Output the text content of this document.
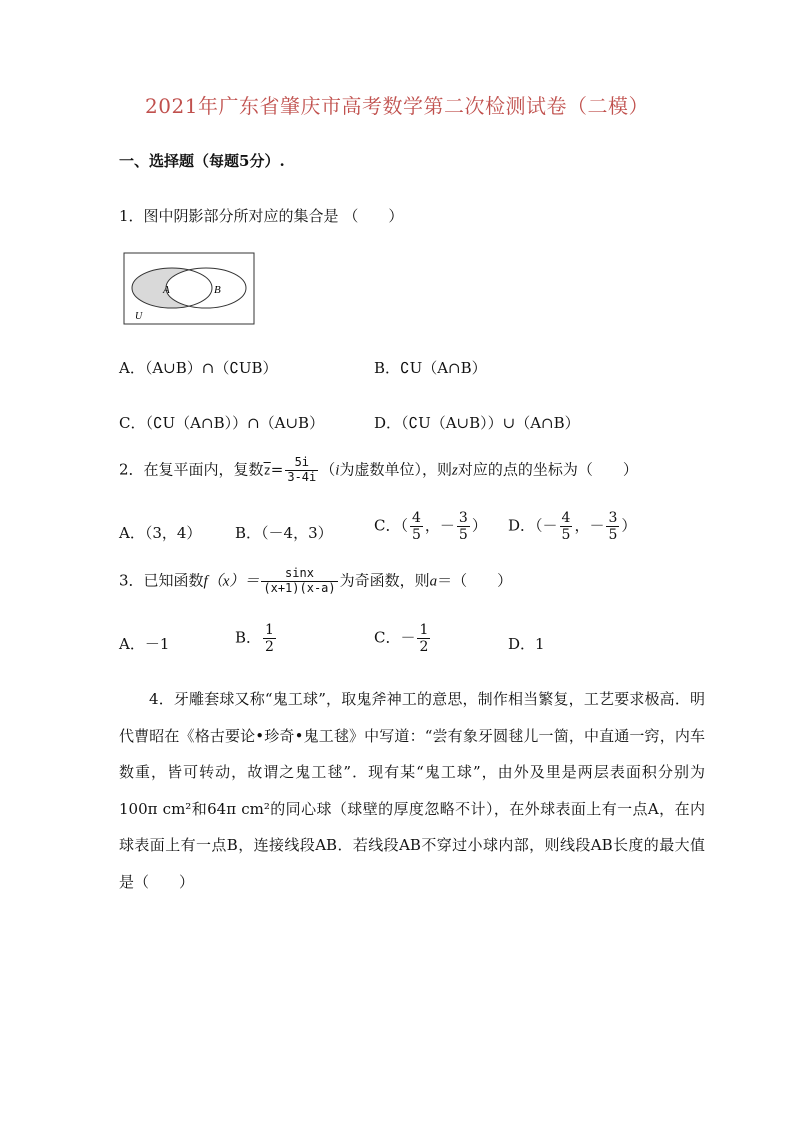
2021年广东省肇庆市高考数学第二次检测试卷（二模）
一、选择题（每题5分）.
1．图中阴影部分所对应的集合是 （　　）
A	B
U
A．（A∪B）∩（∁UB）	B．∁U（A∩B）
C．（∁U（A∩B））∩（A∪B）	D．（∁U（A∪B））∪（A∩B）
2．在复平面内，复数$\overline{z}= \frac{5i}{3-4i} (i$为虚数单位），则z对应的点的坐标为（　　）
A．（3，4） B．（－4，3）	C．（ $\frac{4}{5}$ ，－ $\frac{3}{5}$ ） D．（－ $\frac{4}{5}$ ，－ $\frac{3}{5}$ ）
3．已知函数$f(x)= \frac{\sin x}{(x+1)(x-a)}$ 为奇函数，则a＝（　　）
A．－1	B． $\frac{1}{2}$	C．－ $\frac{1}{2}$	D．1
4．牙雕套球又称“鬼工球”，取鬼斧神工的意思，制作相当繁复，工艺要求极高．明代曹昭在《格古要论•珍奇•鬼工毬》中写道：“尝有象牙圆毬儿一箇，中直通一窍，内车数重，皆可转动，故谓之鬼工毬”．现有某“鬼工球”，由外及里是两层表面积分别为100π cm²和64π cm²的同心球（球壁的厚度忽略不计），在外球表面上有一点A，在内球表面上有一点B，连接线段AB．若线段AB不穿过小球内部，则线段AB长度的最大值是（　　）
